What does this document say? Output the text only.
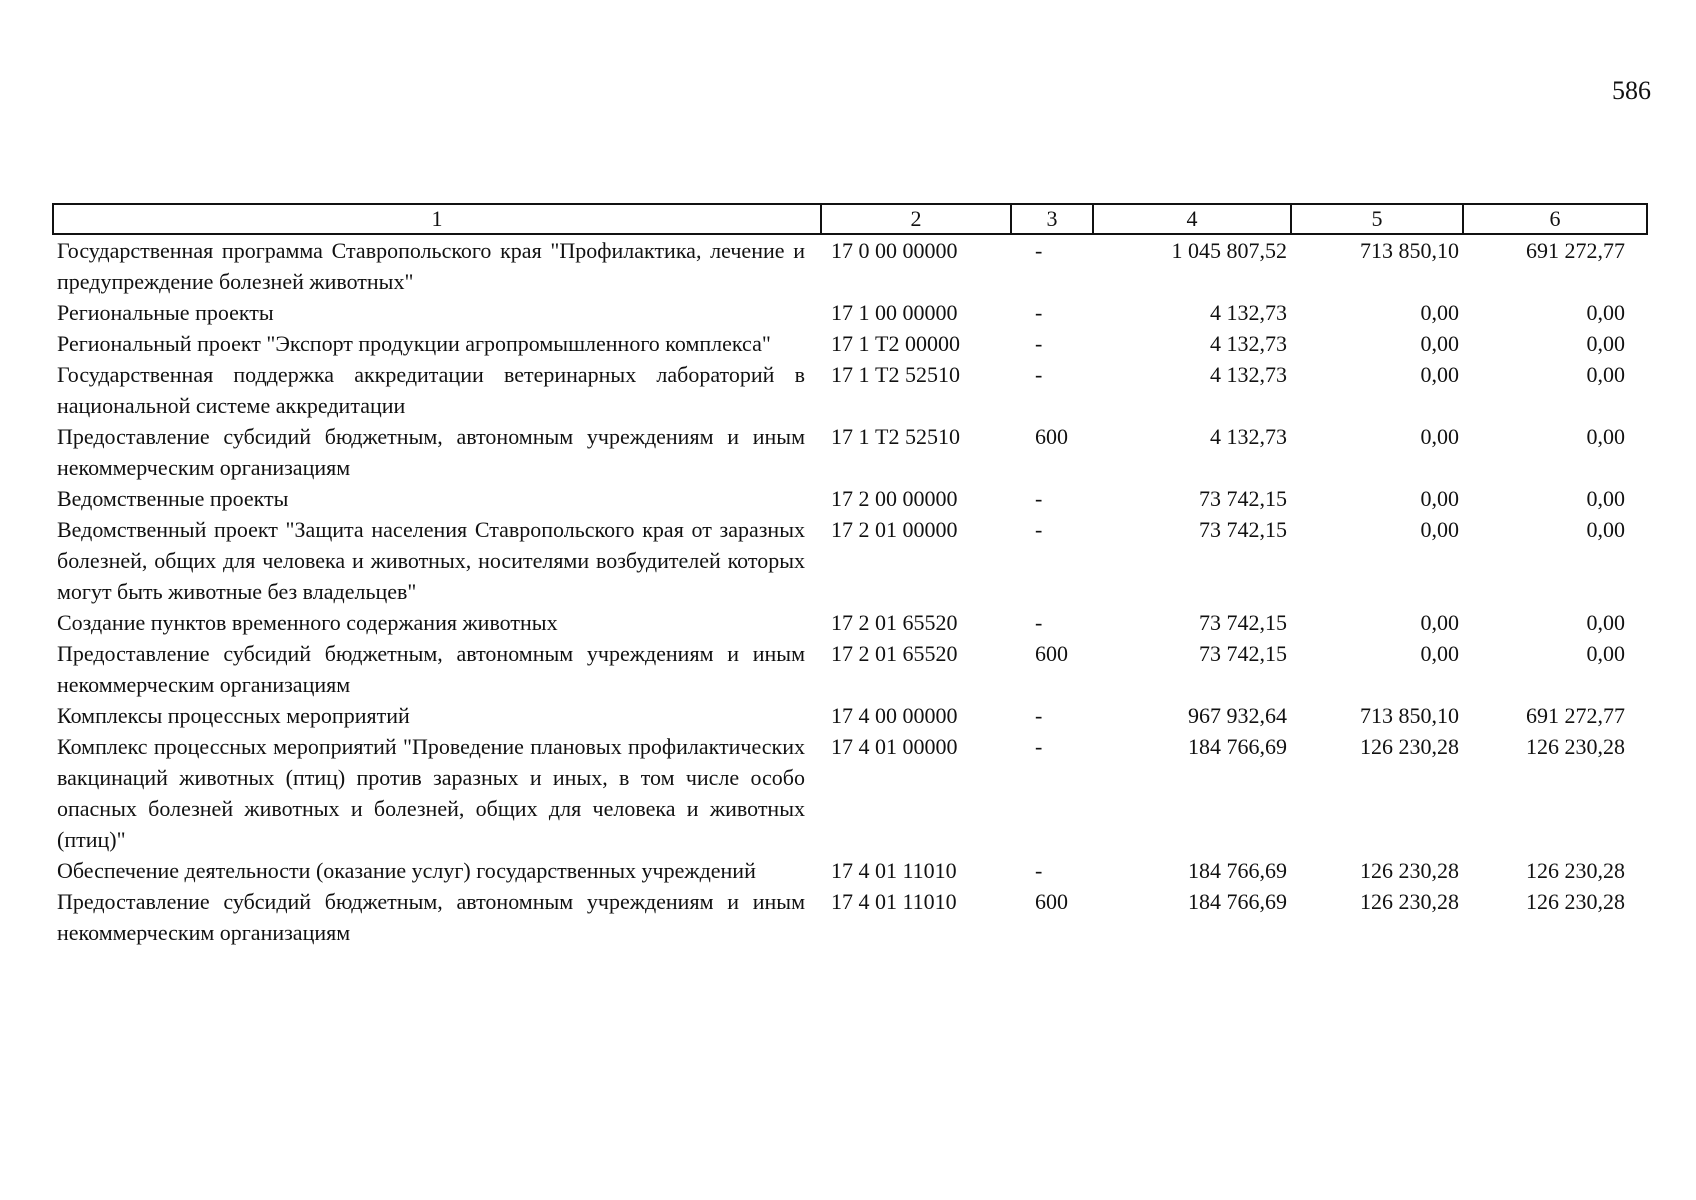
586
1	2	3	4	5	6
Государственная программа Ставропольского края "Профилактика, лечение и предупреждение болезней животных"	17 0 00 00000	-	1 045 807,52	713 850,10	691 272,77
Региональные проекты	17 1 00 00000	-	4 132,73	0,00	0,00
Региональный проект "Экспорт продукции агропромышленного комплекса"	17 1 Т2 00000	-	4 132,73	0,00	0,00
Государственная поддержка аккредитации ветеринарных лабораторий в национальной системе аккредитации	17 1 Т2 52510	-	4 132,73	0,00	0,00
Предоставление субсидий бюджетным, автономным учреждениям и иным некоммерческим организациям	17 1 Т2 52510	600	4 132,73	0,00	0,00
Ведомственные проекты	17 2 00 00000	-	73 742,15	0,00	0,00
Ведомственный проект "Защита населения Ставропольского края от заразных болезней, общих для человека и животных, носителями возбудителей которых могут быть животные без владельцев"	17 2 01 00000	-	73 742,15	0,00	0,00
Создание пунктов временного содержания животных	17 2 01 65520	-	73 742,15	0,00	0,00
Предоставление субсидий бюджетным, автономным учреждениям и иным некоммерческим организациям	17 2 01 65520	600	73 742,15	0,00	0,00
Комплексы процессных мероприятий	17 4 00 00000	-	967 932,64	713 850,10	691 272,77
Комплекс процессных мероприятий "Проведение плановых профилактических вакцинаций животных (птиц) против заразных и иных, в том числе особо опасных болезней животных и болезней, общих для человека и животных (птиц)"	17 4 01 00000	-	184 766,69	126 230,28	126 230,28
Обеспечение деятельности (оказание услуг) государственных учреждений	17 4 01 11010	-	184 766,69	126 230,28	126 230,28
Предоставление субсидий бюджетным, автономным учреждениям и иным некоммерческим организациям	17 4 01 11010	600	184 766,69	126 230,28	126 230,28
